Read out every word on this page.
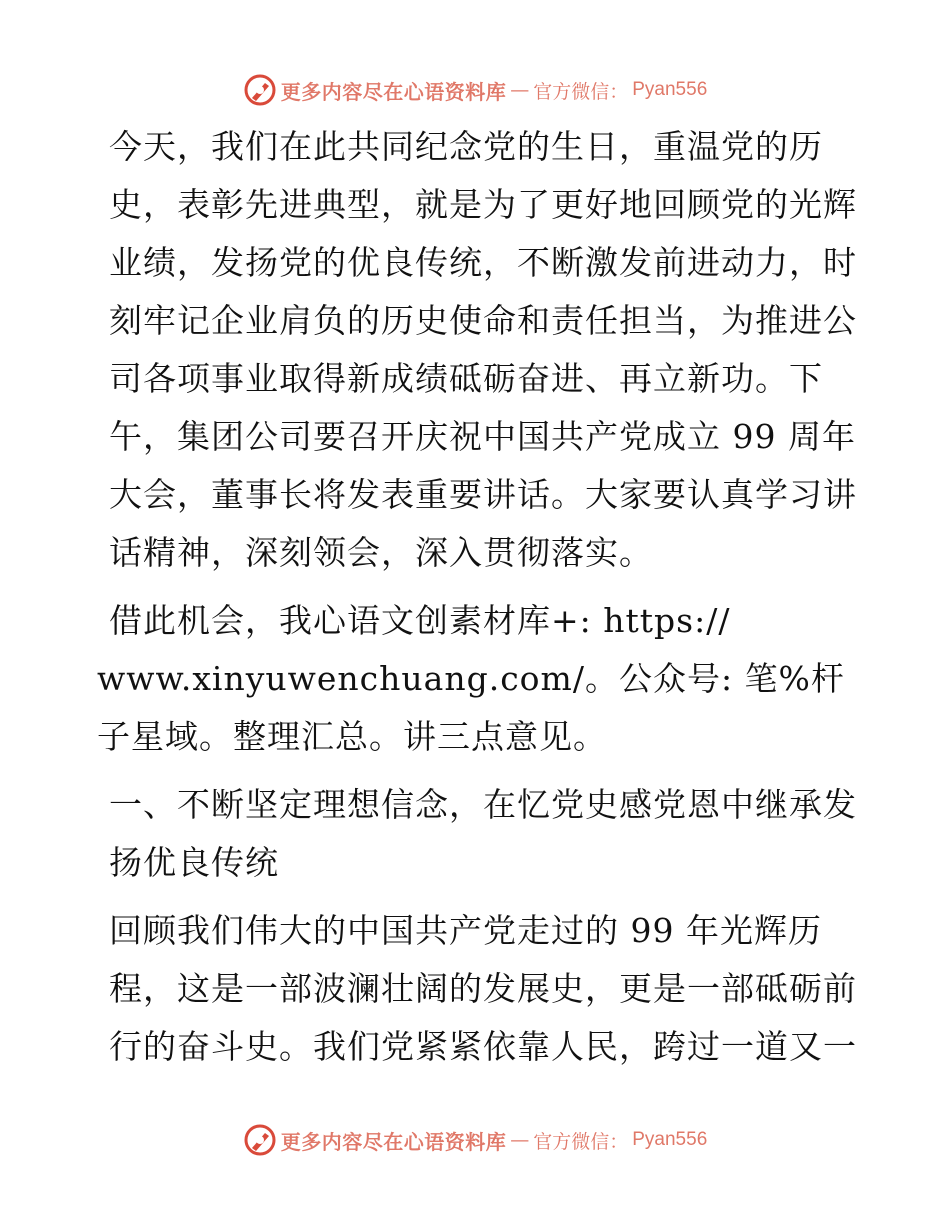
更多内容尽在心语资料库 — 官方微信： Pyan556

今天，我们在此共同纪念党的生日，重温党的历史，表彰先进典型，就是为了更好地回顾党的光辉业绩，发扬党的优良传统，不断激发前进动力，时刻牢记企业肩负的历史使命和责任担当，为推进公司各项事业取得新成绩砥砺奋进、再立新功。下午，集团公司要召开庆祝中国共产党成立 99 周年大会，董事长将发表重要讲话。大家要认真学习讲话精神，深刻领会，深入贯彻落实。

借此机会，我心语文创素材库+: https://

www.xinyuwenchuang.com/。公众号: 笔%杆子星域。整理汇总。讲三点意见。

一、不断坚定理想信念，在忆党史感党恩中继承发扬优良传统

回顾我们伟大的中国共产党走过的 99 年光辉历程，这是一部波澜壮阔的发展史，更是一部砥砺前行的奋斗史。我们党紧紧依靠人民，跨过一道又一

更多内容尽在心语资料库 — 官方微信： Pyan556
